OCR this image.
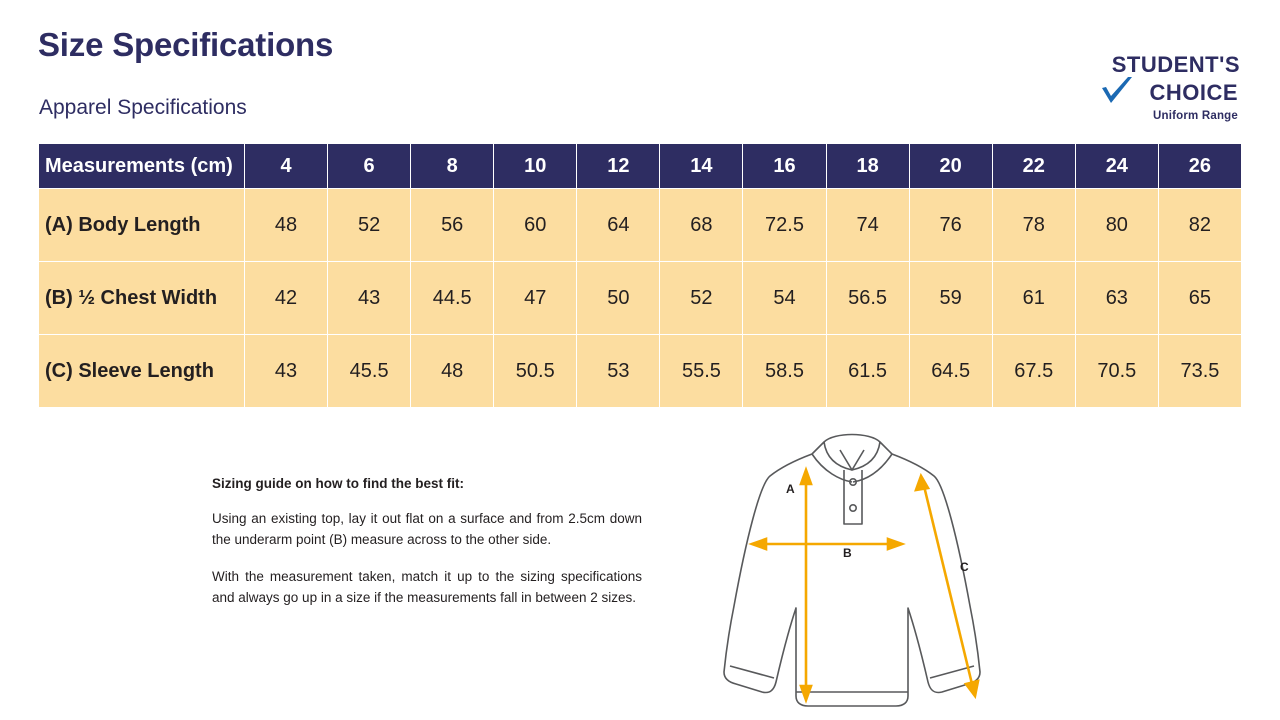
Size Specifications
Apparel Specifications
STUDENT'S
CHOICE
Uniform Range
Measurements (cm)	4	6	8	10	12	14	16	18	20	22	24	26
(A) Body Length	48	52	56	60	64	68	72.5	74	76	78	80	82
(B) ½ Chest Width	42	43	44.5	47	50	52	54	56.5	59	61	63	65
(C) Sleeve Length	43	45.5	48	50.5	53	55.5	58.5	61.5	64.5	67.5	70.5	73.5
Sizing guide on how to find the best fit:

Using an existing top, lay it out flat on a surface and from 2.5cm down the underarm point (B) measure across to the other side.

With the measurement taken, match it up to the sizing specifications and always go up in a size if the measurements fall in between 2 sizes.

A
B
C
